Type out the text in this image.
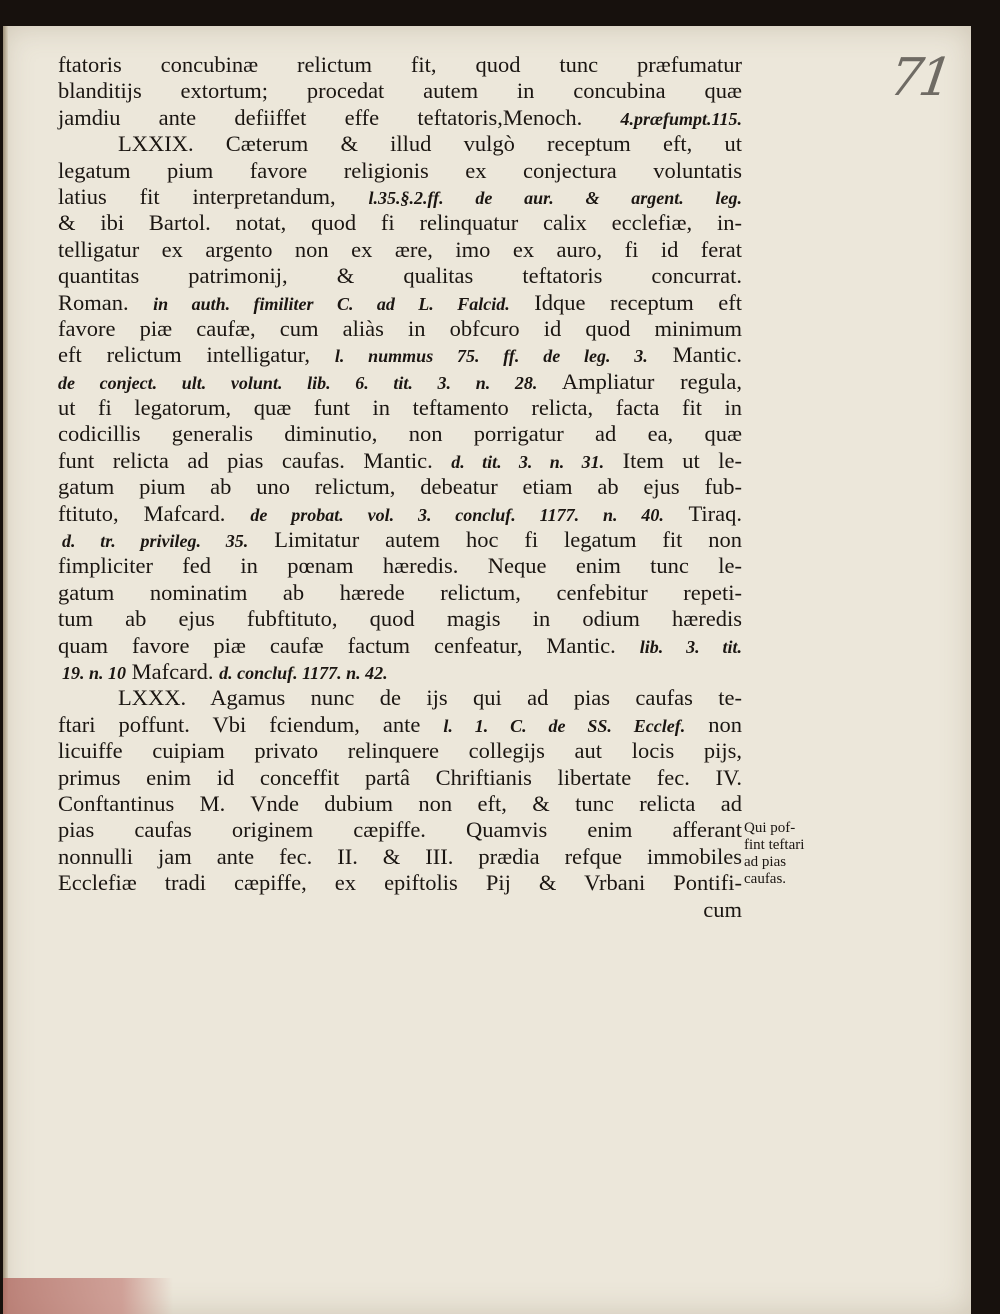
71
ftatoris concubinæ relictum fit, quod tunc præfumatur
blanditijs extortum; procedat autem in concubina quæ
jamdiu ante defiiffet effe teftatoris,Menoch. 4.præfumpt.115.
LXXIX. Cæterum & illud vulgò receptum eft, ut
legatum pium favore religionis ex conjectura voluntatis
latius fit interpretandum, l.35.§.2.ff. de aur. & argent. leg.
& ibi Bartol. notat, quod fi relinquatur calix ecclefiæ, in-
telligatur ex argento non ex ære, imo ex auro, fi id ferat
quantitas patrimonij, & qualitas teftatoris concurrat.
Roman. in auth. fimiliter C. ad L. Falcid. Idque receptum eft
favore piæ caufæ, cum aliàs in obfcuro id quod minimum
eft relictum intelligatur, l. nummus 75. ff. de leg. 3. Mantic.
de conject. ult. volunt. lib. 6. tit. 3. n. 28. Ampliatur regula,
ut fi legatorum, quæ funt in teftamento relicta, facta fit in
codicillis generalis diminutio, non porrigatur ad ea, quæ
funt relicta ad pias caufas. Mantic. d. tit. 3. n. 31. Item ut le-
gatum pium ab uno relictum, debeatur etiam ab ejus fub-
ftituto, Mafcard. de probat. vol. 3. concluf. 1177. n. 40. Tiraq.
d. tr. privileg. 35. Limitatur autem hoc fi legatum fit non
fimpliciter fed in pœnam hæredis. Neque enim tunc le-
gatum nominatim ab hærede relictum, cenfebitur repeti-
tum ab ejus fubftituto, quod magis in odium hæredis
quam favore piæ caufæ factum cenfeatur, Mantic. lib. 3. tit.
19. n. 10 Mafcard. d. concluf. 1177. n. 42.
LXXX. Agamus nunc de ijs qui ad pias caufas te-
ftari poffunt. Vbi fciendum, ante l. 1. C. de SS. Ecclef. non
licuiffe cuipiam privato relinquere collegijs aut locis pijs,
primus enim id conceffit partâ Chriftianis libertate fec. IV.
Conftantinus M. Vnde dubium non eft, & tunc relicta ad
pias caufas originem cæpiffe. Quamvis enim afferant
nonnulli jam ante fec. II. & III. prædia refque immobiles
Ecclefiæ tradi cæpiffe, ex epiftolis Pij & Vrbani Pontifi-
cum
Qui pof-
fint teftari
ad pias
caufas.
